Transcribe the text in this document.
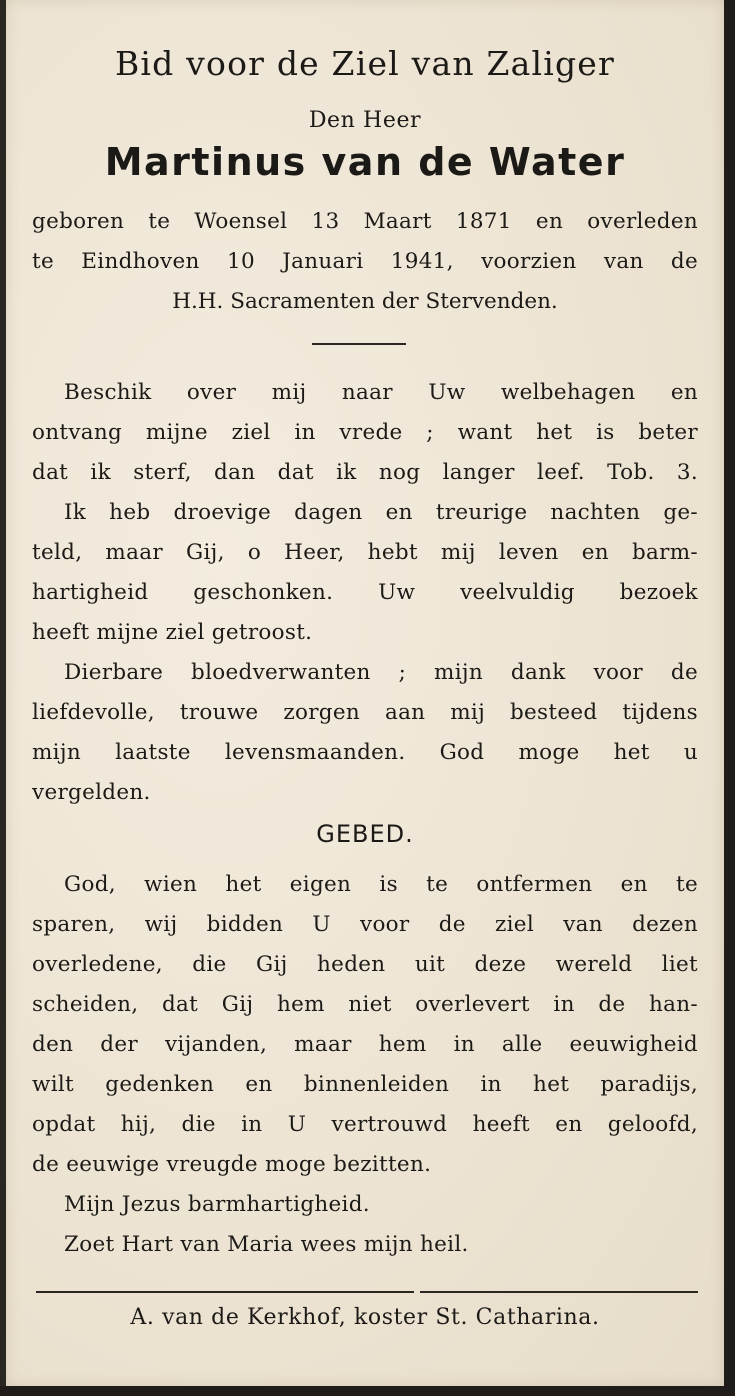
Bid voor de Ziel van Zaliger
Den Heer
Martinus van de Water
geboren te Woensel 13 Maart 1871 en overleden
te Eindhoven 10 Januari 1941, voorzien van de
H.H. Sacramenten der Stervenden.
Beschik over mij naar Uw welbehagen en
ontvang mijne ziel in vrede ; want het is beter
dat ik sterf, dan dat ik nog langer leef. Tob. 3.
Ik heb droevige dagen en treurige nachten ge-
teld, maar Gij, o Heer, hebt mij leven en barm-
hartigheid geschonken. Uw veelvuldig bezoek
heeft mijne ziel getroost.
Dierbare bloedverwanten ; mijn dank voor de
liefdevolle, trouwe zorgen aan mij besteed tijdens
mijn laatste levensmaanden. God moge het u
vergelden.
GEBED.
God, wien het eigen is te ontfermen en te
sparen, wij bidden U voor de ziel van dezen
overledene, die Gij heden uit deze wereld liet
scheiden, dat Gij hem niet overlevert in de han-
den der vijanden, maar hem in alle eeuwigheid
wilt gedenken en binnenleiden in het paradijs,
opdat hij, die in U vertrouwd heeft en geloofd,
de eeuwige vreugde moge bezitten.
Mijn Jezus barmhartigheid.
Zoet Hart van Maria wees mijn heil.
A. van de Kerkhof, koster St. Catharina.
